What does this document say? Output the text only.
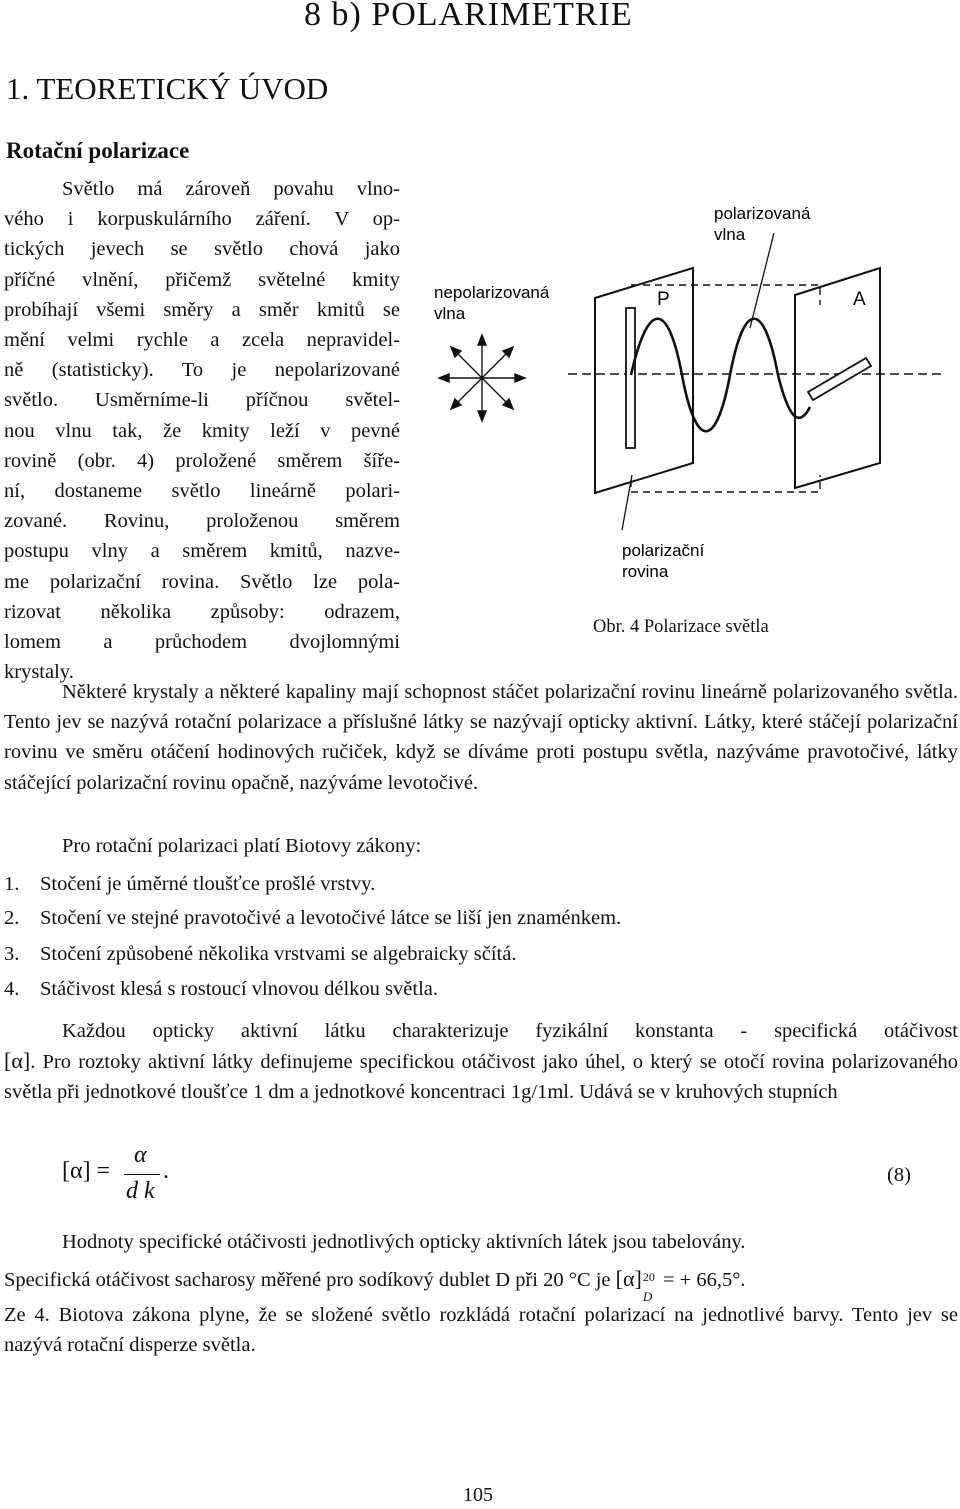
8 b) POLARIMETRIE
1. TEORETICKÝ ÚVOD
Rotační polarizace
Světlo má zároveň povahu vlno-
vého i korpuskulárního záření. V op-
tických jevech se světlo chová jako
příčné vlnění, přičemž světelné kmity
probíhají všemi směry a směr kmitů se
mění velmi rychle a zcela nepravidel-
ně (statisticky). To je nepolarizované
světlo. Usměrníme-li příčnou světel-
nou vlnu tak, že kmity leží v pevné
rovině (obr. 4) proložené směrem šíře-
ní, dostaneme světlo lineárně polari-
zované. Rovinu, proloženou směrem
postupu vlny a směrem kmitů, nazve-
me polarizační rovina. Světlo lze pola-
rizovat několika způsoby: odrazem,
lomem a průchodem dvojlomnými
krystaly.
nepolarizovaná
vlna
polarizovaná
vlna
P	A
polarizační
rovina
Obr. 4 Polarizace světla
Některé krystaly a některé kapaliny mají schopnost stáčet polarizační rovinu lineárně polarizovaného světla. Tento jev se nazývá rotační polarizace a příslušné látky se nazývají opticky aktivní. Látky, které stáčejí polarizační rovinu ve směru otáčení hodinových ručiček, když se díváme proti postupu světla, nazýváme pravotočivé, látky stáčející polarizační rovinu opačně, nazýváme levotočivé.
Pro rotační polarizaci platí Biotovy zákony:
1. Stočení je úměrné tloušťce prošlé vrstvy.
2. Stočení ve stejné pravotočivé a levotočivé látce se liší jen znaménkem.
3. Stočení způsobené několika vrstvami se algebraicky sčítá.
4. Stáčivost klesá s rostoucí vlnovou délkou světla.
Každou opticky aktivní látku charakterizuje fyzikální konstanta - specifická otáčivost
[α]. Pro roztoky aktivní látky definujeme specifickou otáčivost jako úhel, o který se otočí rovina polarizovaného světla při jednotkové tloušťce 1 dm a jednotkové koncentraci 1g/1ml. Udává se v kruhových stupních
[α] =
α
d k
.	(8)
Hodnoty specifické otáčivosti jednotlivých opticky aktivních látek jsou tabelovány.
Specifická otáčivost sacharosy měřené pro sodíkový dublet D při 20 °C je [α] 20
D
= + 66,5°.
Ze 4. Biotova zákona plyne, že se složené světlo rozkládá rotační polarizací na jednotlivé barvy. Tento jev se nazývá rotační disperze světla.
105
